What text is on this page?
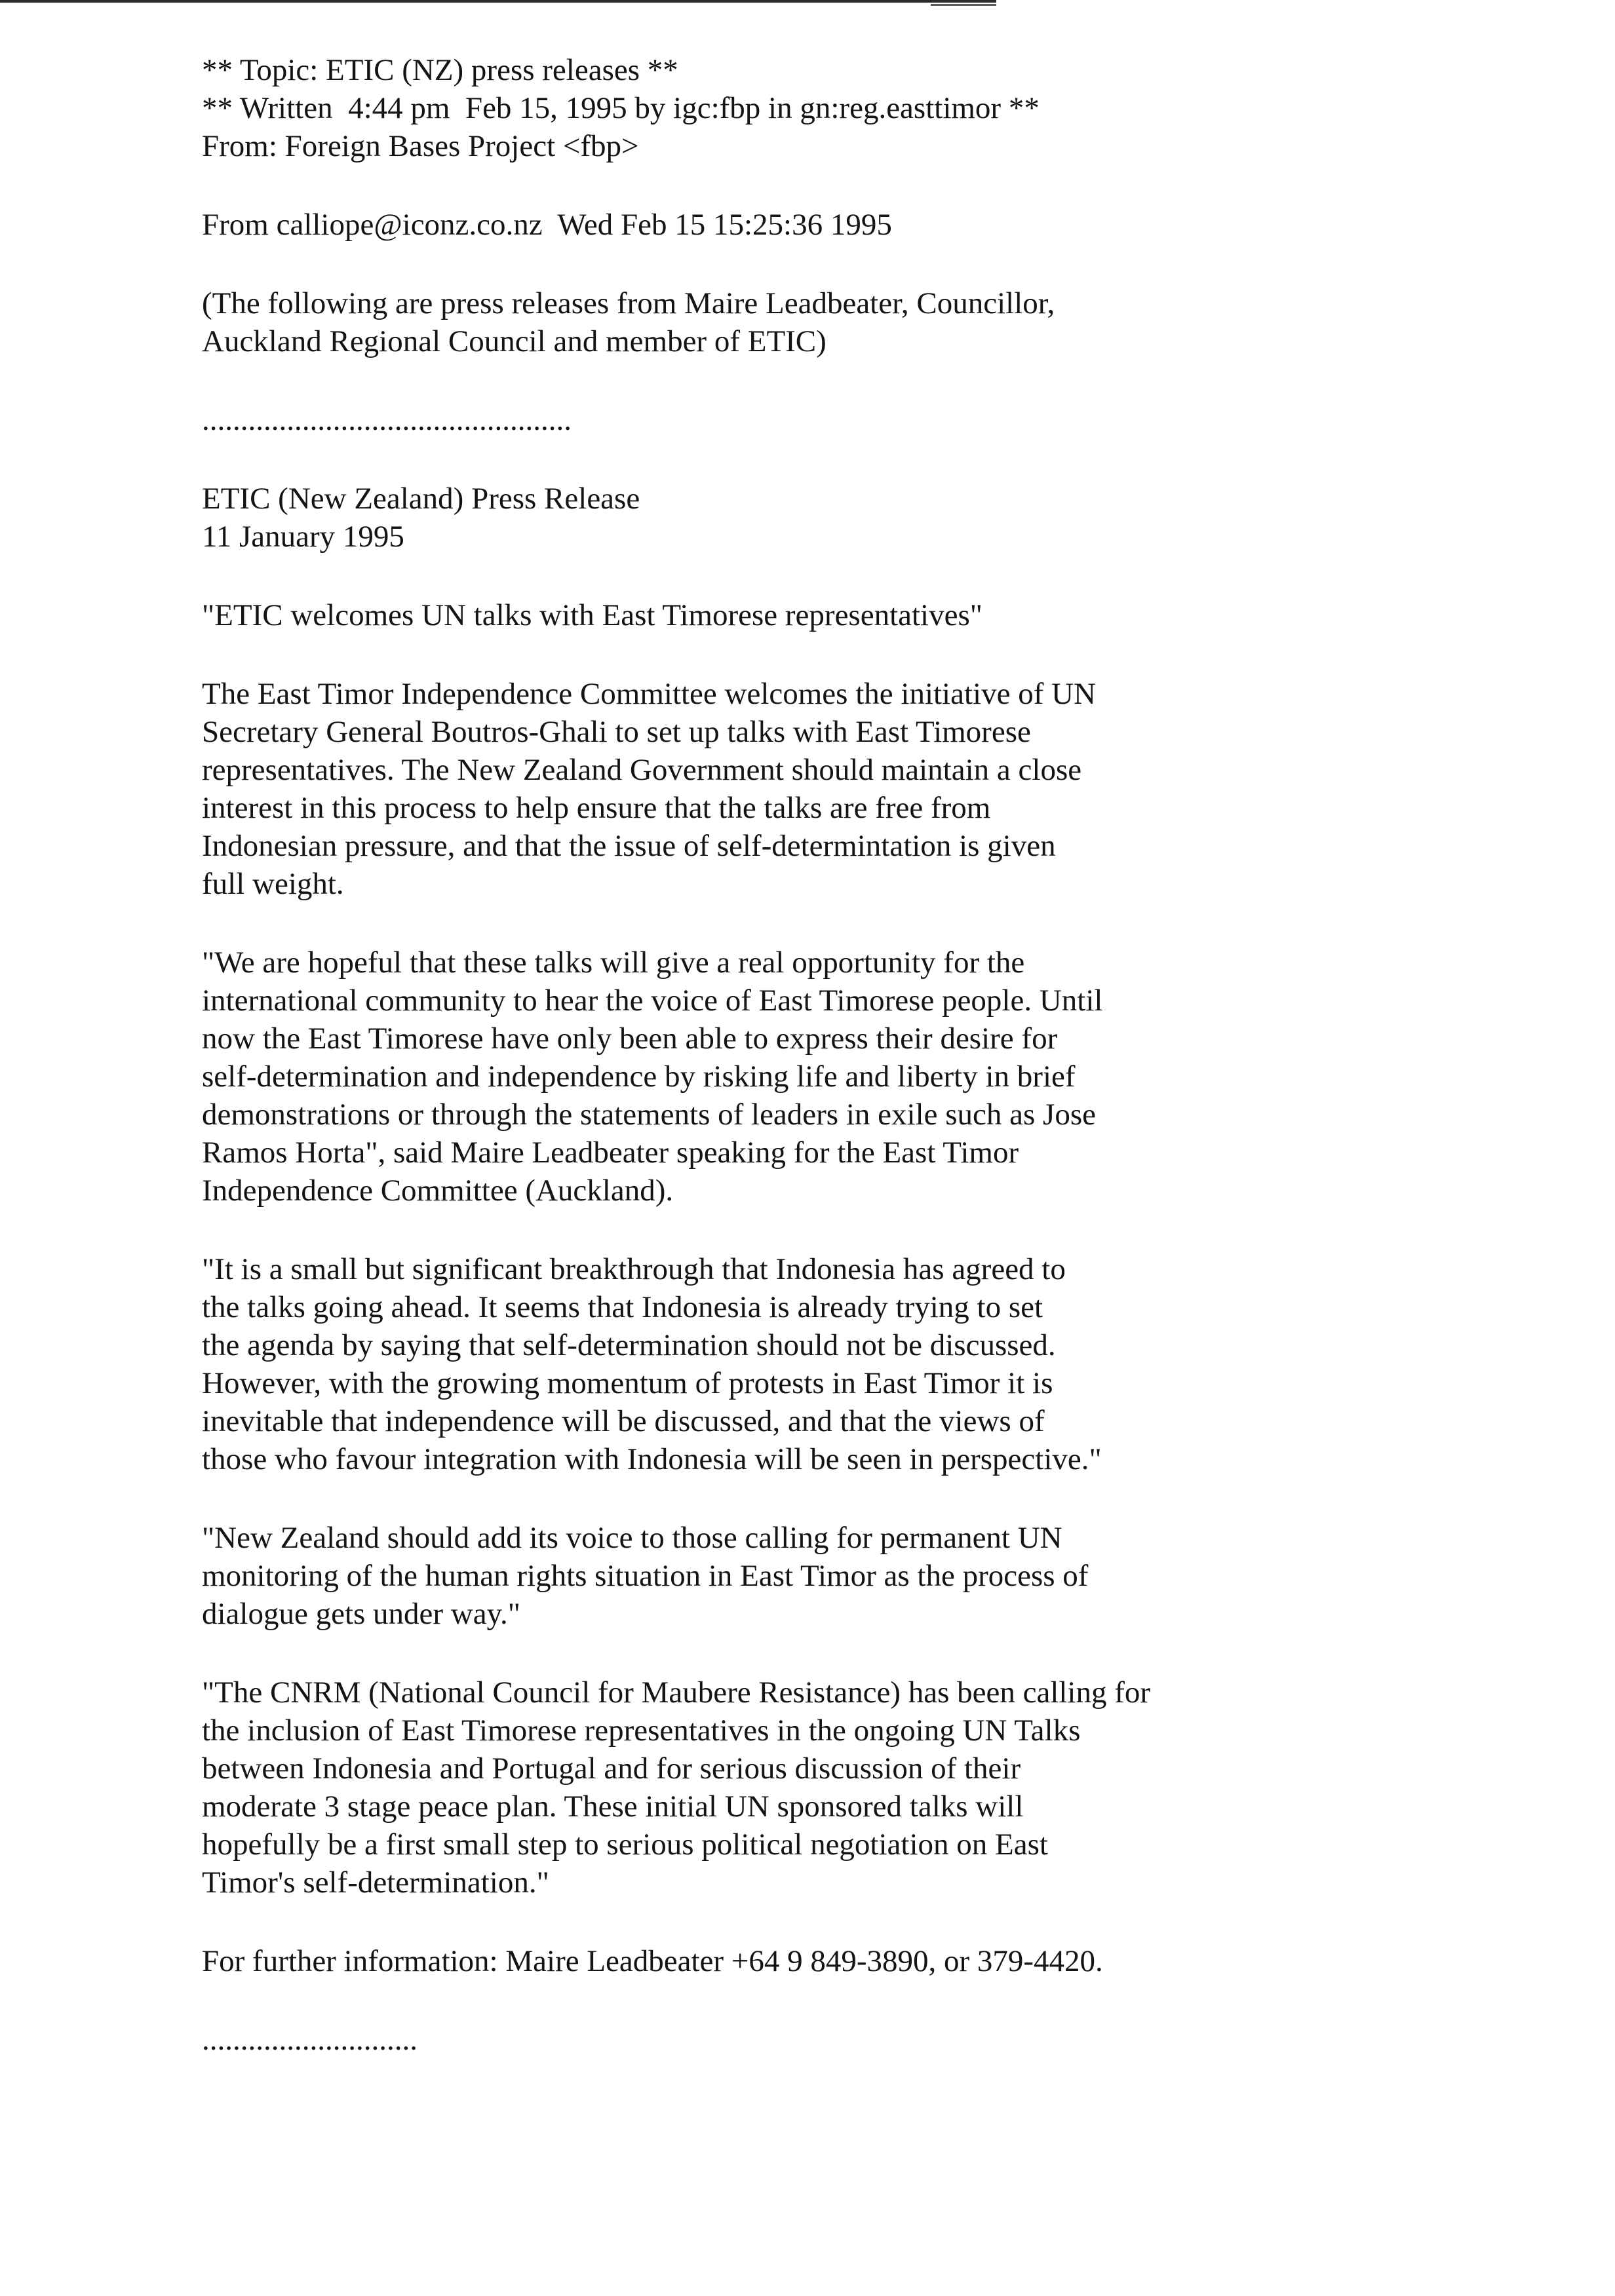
** Topic: ETIC (NZ) press releases **
** Written  4:44 pm  Feb 15, 1995 by igc:fbp in gn:reg.easttimor **
From: Foreign Bases Project <fbp>
From calliope@iconz.co.nz  Wed Feb 15 15:25:36 1995
(The following are press releases from Maire Leadbeater, Councillor,
Auckland Regional Council and member of ETIC)
................................................
ETIC (New Zealand) Press Release
11 January 1995
"ETIC welcomes UN talks with East Timorese representatives"
The East Timor Independence Committee welcomes the initiative of UN
Secretary General Boutros-Ghali to set up talks with East Timorese
representatives. The New Zealand Government should maintain a close
interest in this process to help ensure that the talks are free from
Indonesian pressure, and that the issue of self-determintation is given
full weight.
"We are hopeful that these talks will give a real opportunity for the
international community to hear the voice of East Timorese people. Until
now the East Timorese have only been able to express their desire for
self-determination and independence by risking life and liberty in brief
demonstrations or through the statements of leaders in exile such as Jose
Ramos Horta", said Maire Leadbeater speaking for the East Timor
Independence Committee (Auckland).
"It is a small but significant breakthrough that Indonesia has agreed to
the talks going ahead. It seems that Indonesia is already trying to set
the agenda by saying that self-determination should not be discussed.
However, with the growing momentum of protests in East Timor it is
inevitable that independence will be discussed, and that the views of
those who favour integration with Indonesia will be seen in perspective."
"New Zealand should add its voice to those calling for permanent UN
monitoring of the human rights situation in East Timor as the process of
dialogue gets under way."
"The CNRM (National Council for Maubere Resistance) has been calling for
the inclusion of East Timorese representatives in the ongoing UN Talks
between Indonesia and Portugal and for serious discussion of their
moderate 3 stage peace plan. These initial UN sponsored talks will
hopefully be a first small step to serious political negotiation on East
Timor's self-determination."
For further information: Maire Leadbeater +64 9 849-3890, or 379-4420.
............................
